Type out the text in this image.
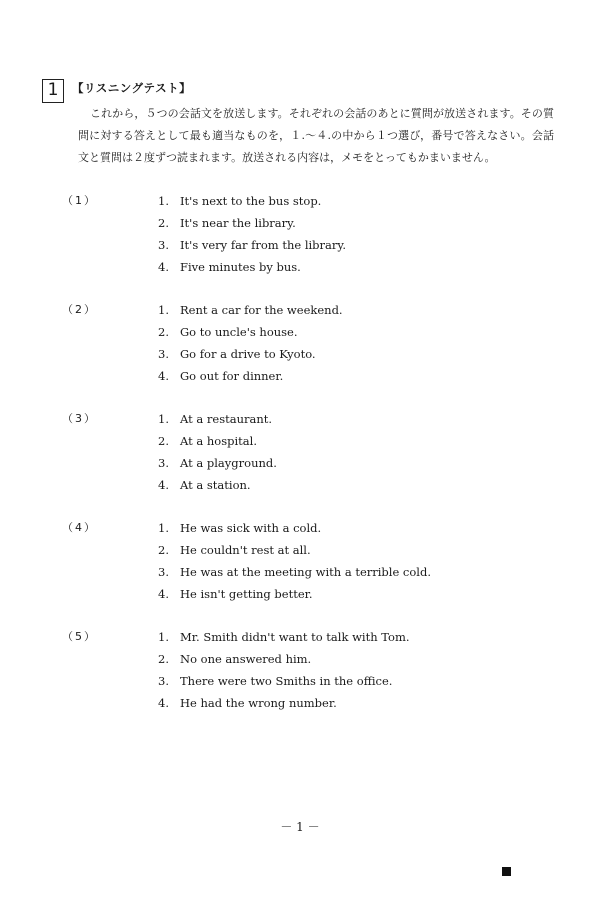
1	【リスニングテスト】
これから，５つの会話文を放送します。それぞれの会話のあとに質問が放送されます。その質問に対する答えとして最も適当なものを，１.～４.の中から１つ選び，番号で答えなさい。会話文と質問は２度ずつ読まれます。放送される内容は，メモをとってもかまいません。
（1）	1. It's next to the bus stop.
2. It's near the library.
3. It's very far from the library.
4. Five minutes by bus.
（2）	1. Rent a car for the weekend.
2. Go to uncle's house.
3. Go for a drive to Kyoto.
4. Go out for dinner.
（3）	1. At a restaurant.
2. At a hospital.
3. At a playground.
4. At a station.
（4）	1. He was sick with a cold.
2. He couldn't rest at all.
3. He was at the meeting with a terrible cold.
4. He isn't getting better.
（5）	1. Mr. Smith didn't want to talk with Tom.
2. No one answered him.
3. There were two Smiths in the office.
4. He had the wrong number.
－ 1 －
